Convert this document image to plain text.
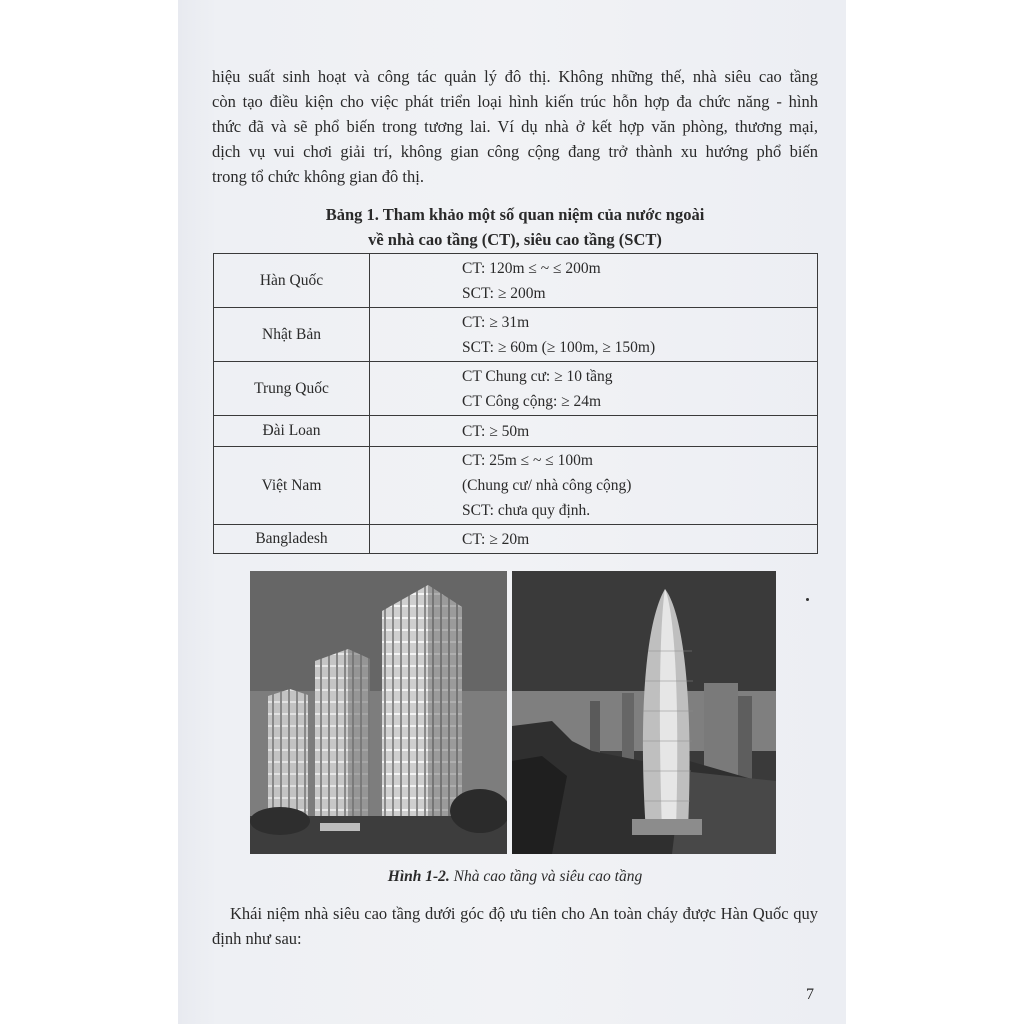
hiệu suất sinh hoạt và công tác quản lý đô thị. Không những thế, nhà siêu cao tầng
còn tạo điều kiện cho việc phát triển loại hình kiến trúc hỗn hợp đa chức năng - hình
thức đã và sẽ phổ biến trong tương lai. Ví dụ nhà ở kết hợp văn phòng, thương mại,
dịch vụ vui chơi giải trí, không gian công cộng đang trở thành xu hướng phổ biến
trong tổ chức không gian đô thị.
Bảng 1. Tham khảo một số quan niệm của nước ngoài
về nhà cao tầng (CT), siêu cao tầng (SCT)
Hàn Quốc	CT: 120m ≤ ~ ≤ 200m
SCT: ≥ 200m

Nhật Bản	CT: ≥ 31m
SCT: ≥ 60m (≥ 100m, ≥ 150m)

Trung Quốc	CT Chung cư: ≥ 10 tầng
CT Công cộng: ≥ 24m

Đài Loan	CT: ≥ 50m

Việt Nam	CT: 25m ≤ ~ ≤ 100m
(Chung cư/ nhà công cộng)
SCT: chưa quy định.

Bangladesh	CT: ≥ 20m
Hình 1-2. Nhà cao tầng và siêu cao tầng

Khái niệm nhà siêu cao tầng dưới góc độ ưu tiên cho An toàn cháy được Hàn Quốc quy định như sau:

7
